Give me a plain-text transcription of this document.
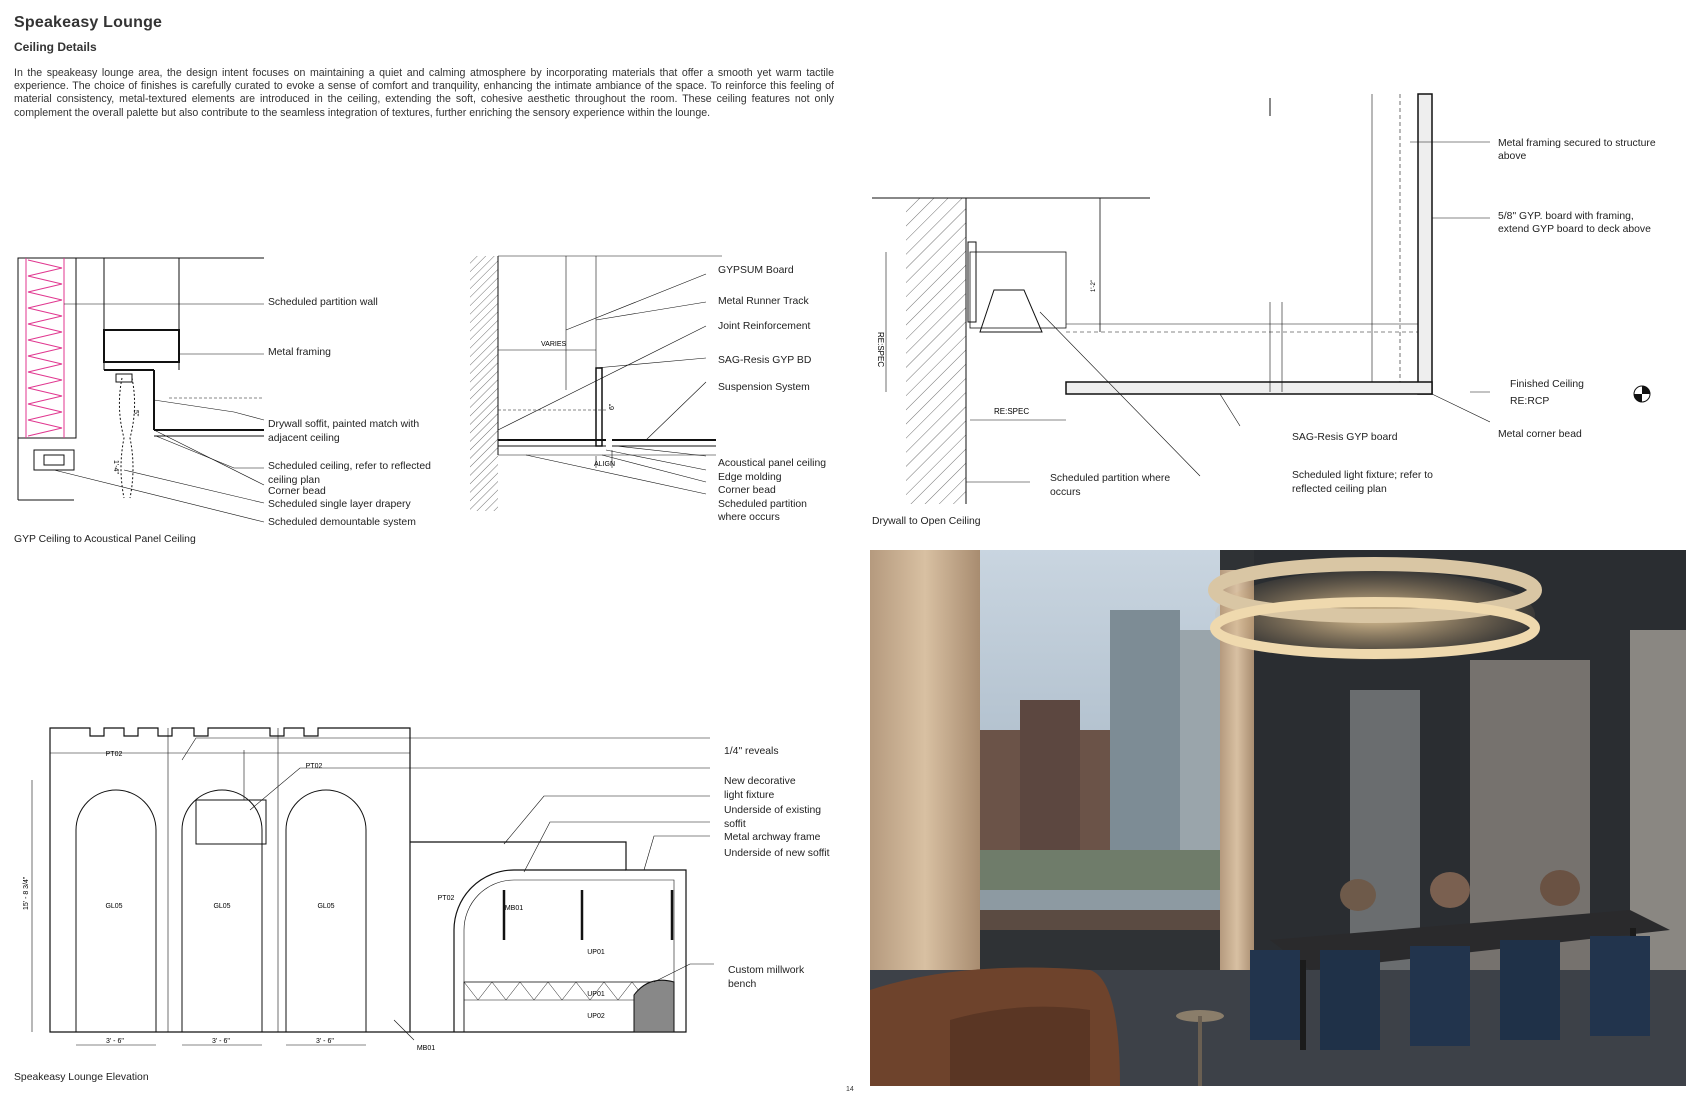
Speakeasy Lounge
Ceiling Details
In the speakeasy lounge area, the design intent focuses on maintaining a quiet and calming atmosphere by incorporating materials that offer a smooth yet warm tactile experience. The choice of finishes is carefully curated to evoke a sense of comfort and tranquility, enhancing the intimate ambiance of the space. To reinforce this feeling of material consistency, metal-textured elements are introduced in the ceiling, extending the soft, cohesive aesthetic throughout the room. These ceiling features not only complement the overall palette but also contribute to the seamless integration of textures, further enriching the sensory experience within the lounge.
5"
1'-4"
Scheduled partition wall
Metal framing
Drywall soffit, painted match with
adjacent ceiling
Scheduled ceiling, refer to reflected
ceiling plan
Corner bead
Scheduled single layer drapery
Scheduled demountable system
GYP Ceiling to Acoustical Panel Ceiling
VARIES
6"
ALIGN
GYPSUM Board
Metal Runner Track
Joint Reinforcement
SAG-Resis GYP BD
Suspension System
Acoustical panel ceiling
Edge molding
Corner bead
Scheduled partition
where occurs
RE:SPEC
RE:SPEC
1'-2"
Metal framing secured to structure
above
5/8" GYP. board with framing,
extend GYP board to deck above
Finished Ceiling
RE:RCP
Metal corner bead
SAG-Resis GYP board
Scheduled light fixture; refer to
reflected ceiling plan
Scheduled partition where
occurs
Drywall to Open Ceiling
15' - 8 3/4"
3' - 6"	3' - 6"	3' - 6"
PT02
PT02
PT02
GL05	GL05	GL05	MB01
UP01
UP01
UP02
MB01
1/4" reveals
New decorative
light fixture
Underside of existing
soffit
Metal archway frame
Underside of new soffit
Custom millwork
bench
Speakeasy Lounge Elevation
14
